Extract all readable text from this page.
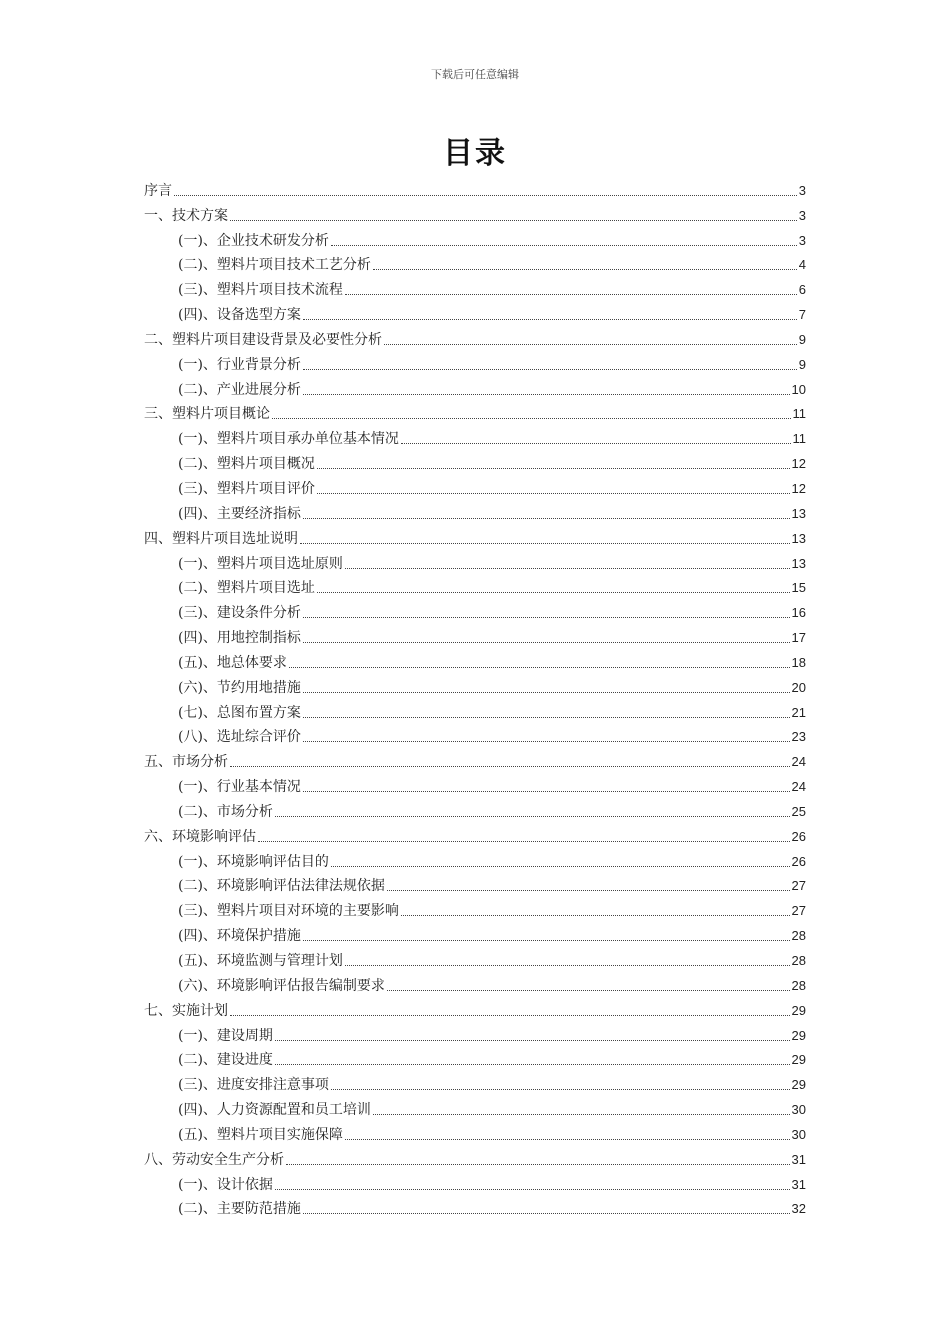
下载后可任意编辑
目录
序言	3
一、技术方案	3
(一)、企业技术研发分析	3
(二)、塑料片项目技术工艺分析	4
(三)、塑料片项目技术流程	6
(四)、设备选型方案	7
二、塑料片项目建设背景及必要性分析	9
(一)、行业背景分析	9
(二)、产业进展分析	10
三、塑料片项目概论	11
(一)、塑料片项目承办单位基本情况	11
(二)、塑料片项目概况	12
(三)、塑料片项目评价	12
(四)、主要经济指标	13
四、塑料片项目选址说明	13
(一)、塑料片项目选址原则	13
(二)、塑料片项目选址	15
(三)、建设条件分析	16
(四)、用地控制指标	17
(五)、地总体要求	18
(六)、节约用地措施	20
(七)、总图布置方案	21
(八)、选址综合评价	23
五、市场分析	24
(一)、行业基本情况	24
(二)、市场分析	25
六、环境影响评估	26
(一)、环境影响评估目的	26
(二)、环境影响评估法律法规依据	27
(三)、塑料片项目对环境的主要影响	27
(四)、环境保护措施	28
(五)、环境监测与管理计划	28
(六)、环境影响评估报告编制要求	28
七、实施计划	29
(一)、建设周期	29
(二)、建设进度	29
(三)、进度安排注意事项	29
(四)、人力资源配置和员工培训	30
(五)、塑料片项目实施保障	30
八、劳动安全生产分析	31
(一)、设计依据	31
(二)、主要防范措施	32
